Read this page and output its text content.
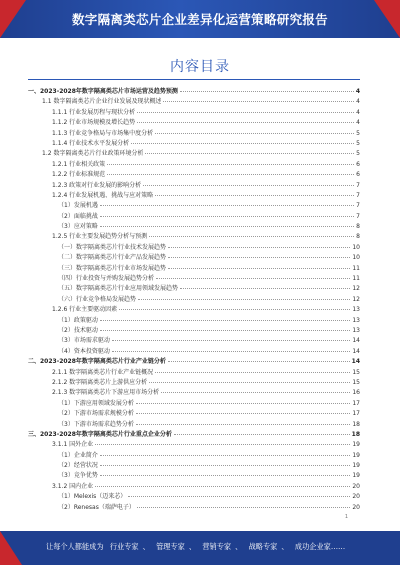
数字隔离类芯片企业差异化运营策略研究报告
内容目录
一、2023-2028年数字隔离类芯片市场运营及趋势预测	4
1.1 数字隔离类芯片企业行业发展及现状概述	4
1.1.1 行业发展历程与现状分析	4
1.1.2 行业市场规模及增长趋势	4
1.1.3 行业竞争格局与市场集中度分析	5
1.1.4 行业技术水平发展分析	5
1.2 数字隔离类芯片行业政策环境分析	5
1.2.1 行业相关政策	6
1.2.2 行业标准规范	6
1.2.3 政策对行业发展的影响分析	7
1.2.4 行业发展机遇、挑战与应对策略	7
（1）发展机遇	7
（2）面临挑战	7
（3）应对策略	8
1.2.5 行业主要发展趋势分析与预测	8
（一）数字隔离类芯片行业技术发展趋势	10
（二）数字隔离类芯片行业产品发展趋势	10
（三）数字隔离类芯片行业市场发展趋势	11
（四）行业投资与并购发展趋势分析	11
（五）数字隔离类芯片行业应用领域发展趋势	12
（六）行业竞争格局发展趋势	12
1.2.6 行业主要驱动因素	13
（1）政策驱动	13
（2）技术驱动	13
（3）市场需求驱动	14
（4）资本投资驱动	14
二、2023-2028年数字隔离类芯片行业产业链分析	14
2.1.1 数字隔离类芯片行业产业链概况	15
2.1.2 数字隔离类芯片上游供应分析	15
2.1.3 数字隔离类芯片下游应用市场分析	16
（1）下游应用领域发展分析	17
（2）下游市场需求规模分析	17
（3）下游市场需求趋势分析	18
三、2023-2028年数字隔离类芯片行业重点企业分析	18
3.1.1 国外企业	19
（1）企业简介	19
（2）经营状况	19
（3）竞争优势	19
3.1.2 国内企业	20
（1）Melexis（迈来芯）	20
（2）Renesas（瑞萨电子）	20
1
让每个人都能成为 行业专家 、 管理专家 、 营销专家 、 战略专家 、 成功企业家……
